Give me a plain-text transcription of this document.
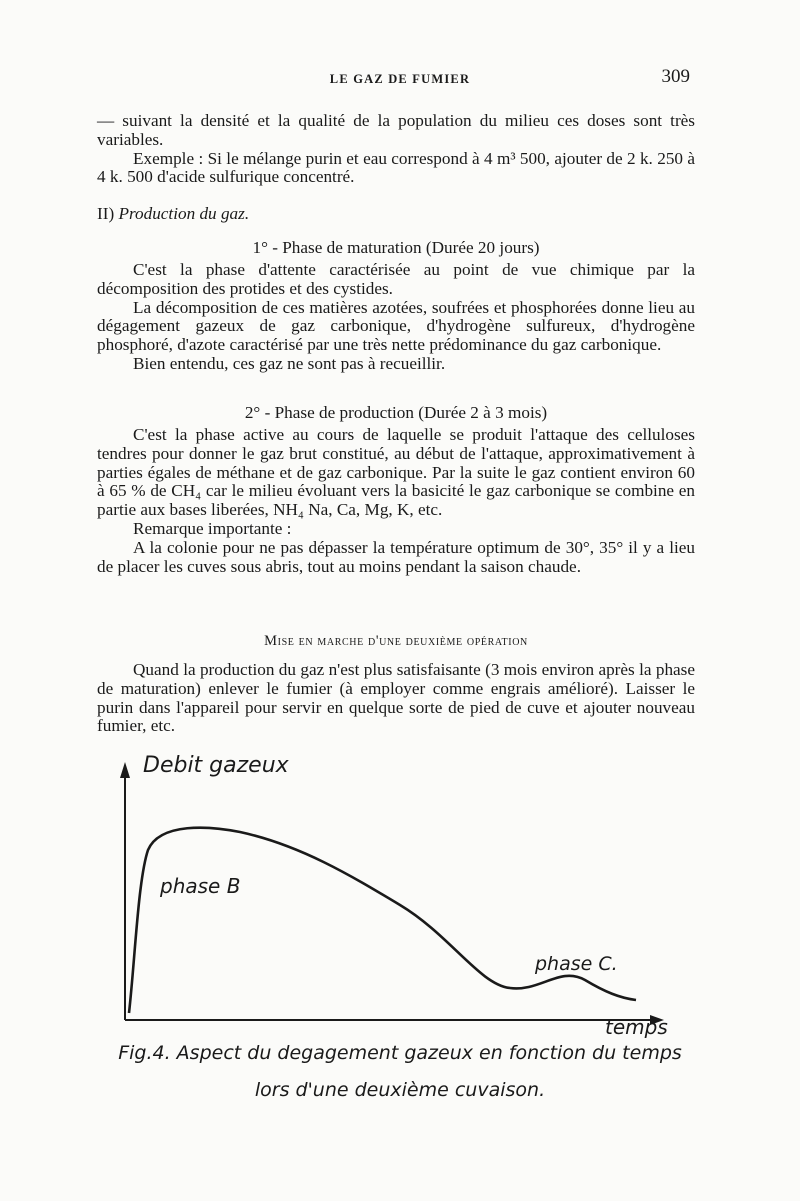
LE GAZ DE FUMIER	309

— suivant la densité et la qualité de la population du milieu ces doses sont très variables.

Exemple : Si le mélange purin et eau correspond à 4 m³ 500, ajouter de 2 k. 250 à 4 k. 500 d'acide sulfurique concentré.

II) Production du gaz.
1° - Phase de maturation (Durée 20 jours)

C'est la phase d'attente caractérisée au point de vue chimique par la décomposition des protides et des cystides.

La décomposition de ces matières azotées, soufrées et phosphorées donne lieu au dégagement gazeux de gaz carbonique, d'hydrogène sulfureux, d'hydrogène phosphoré, d'azote caractérisé par une très nette prédominance du gaz carbonique.

Bien entendu, ces gaz ne sont pas à recueillir.

2° - Phase de production (Durée 2 à 3 mois)

C'est la phase active au cours de laquelle se produit l'attaque des celluloses tendres pour donner le gaz brut constitué, au début de l'attaque, approximativement à parties égales de méthane et de gaz carbonique. Par la suite le gaz contient environ 60 à 65 % de CH₄ car le milieu évoluant vers la basicité le gaz carbonique se combine en partie aux bases liberées, NH₄ Na, Ca, Mg, K, etc.

Remarque importante :

A la colonie pour ne pas dépasser la température optimum de 30°, 35° il y a lieu de placer les cuves sous abris, tout au moins pendant la saison chaude.

Mise en marche d'une deuxième opération

Quand la production du gaz n'est plus satisfaisante (3 mois environ après la phase de maturation) enlever le fumier (à employer comme engrais amélioré). Laisser le purin dans l'appareil pour servir en quelque sorte de pied de cuve et ajouter nouveau fumier, etc.

Debit gazeux
phase B
phase C.
temps
Fig.4. Aspect du degagement gazeux en fonction du temps
lors d'une deuxième cuvaison.
